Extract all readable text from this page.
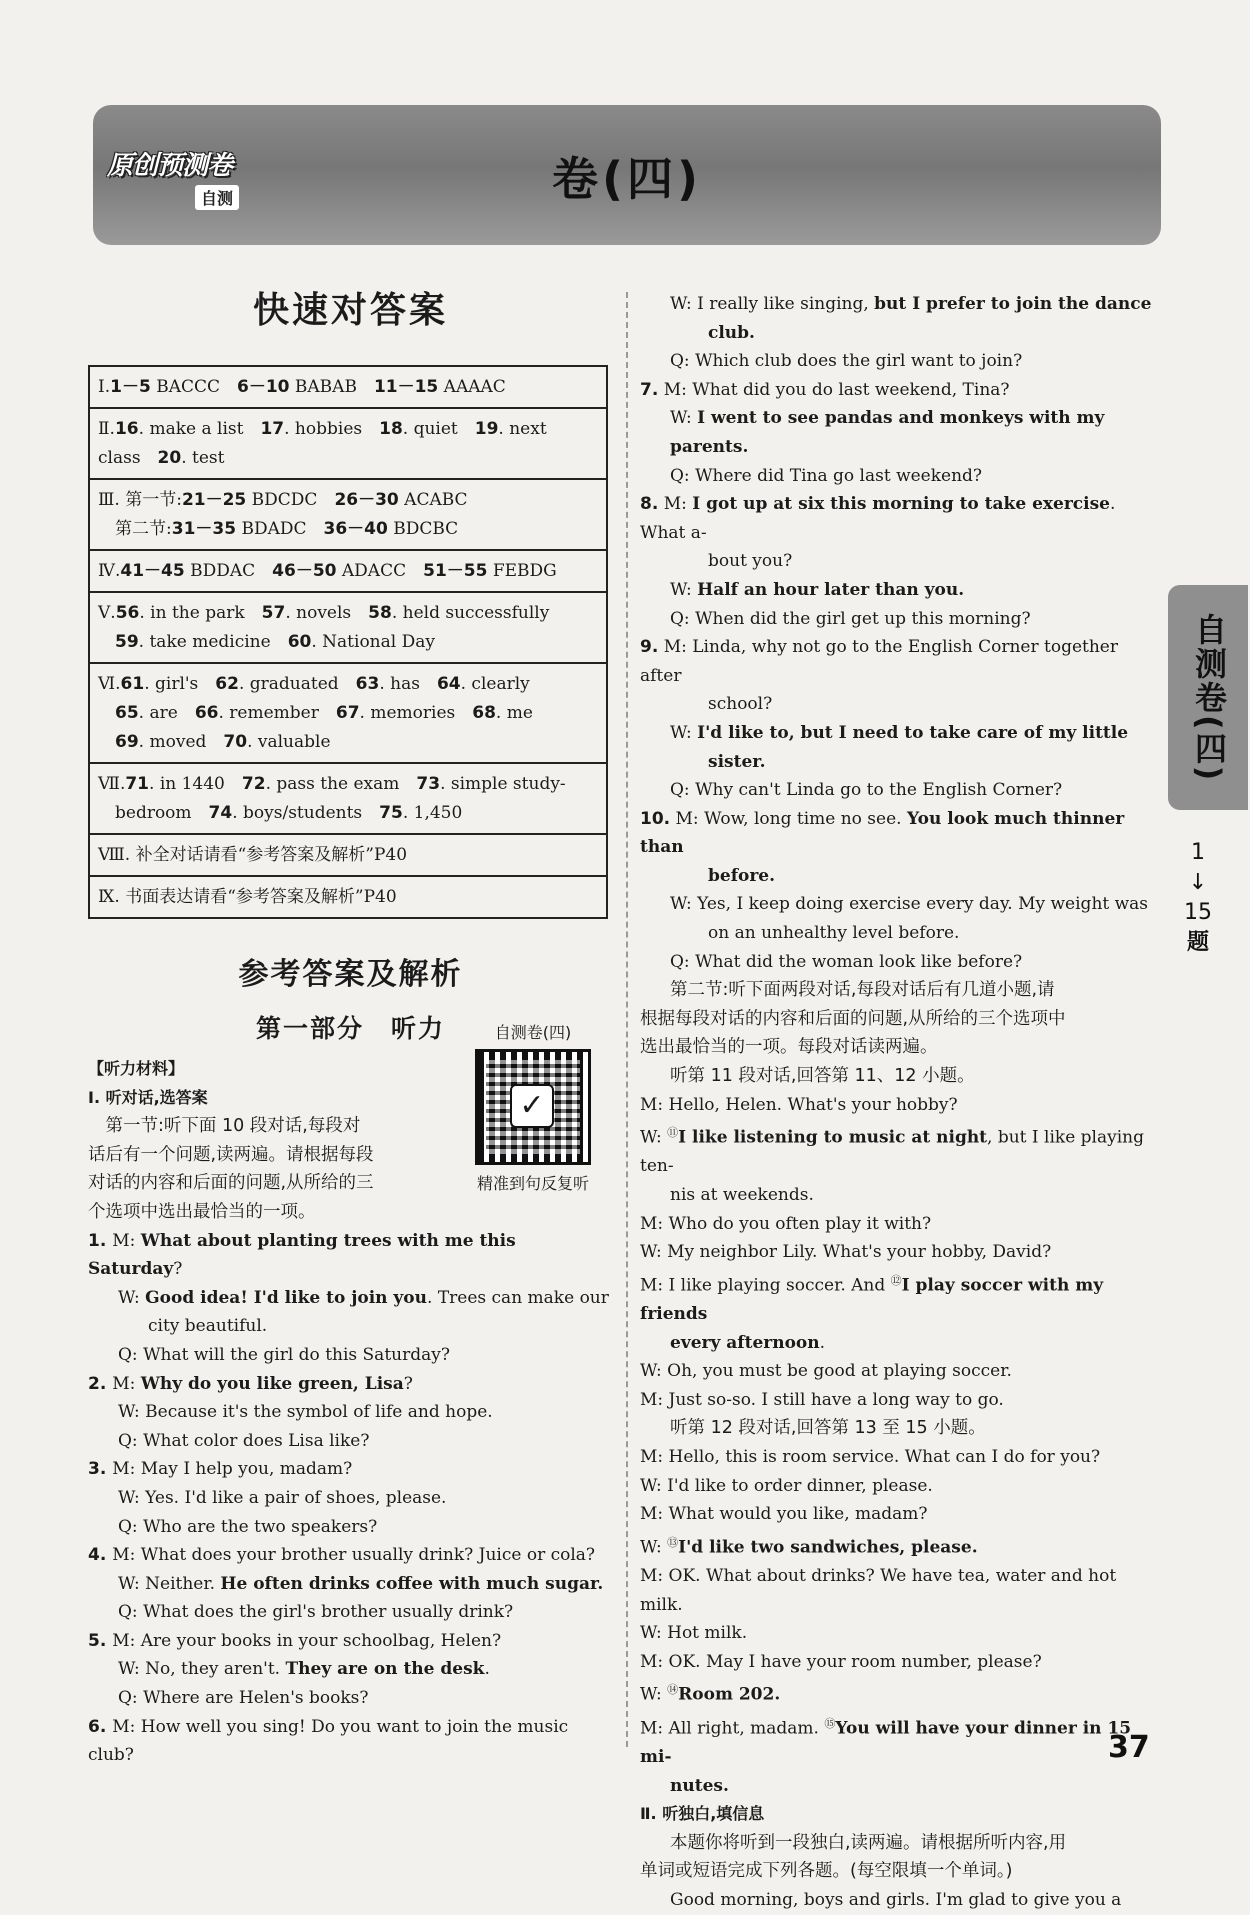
原创预测卷
自测	卷(四)
快速对答案
Ⅰ.1－5 BACCC　6－10 BABAB　11－15 AAAAC

Ⅱ.16. make a list　17. hobbies　18. quiet　19. next
class　20. test

Ⅲ. 第一节:21－25 BDCDC　26－30 ACABC
　第二节:31－35 BDADC　36－40 BDCBC

Ⅳ.41－45 BDDAC　46－50 ADACC　51－55 FEBDG

Ⅴ.56. in the park　57. novels　58. held successfully
　59. take medicine　60. National Day

Ⅵ.61. girl's　62. graduated　63. has　64. clearly
　65. are　66. remember　67. memories　68. me
　69. moved　70. valuable

Ⅶ.71. in 1440　72. pass the exam　73. simple study-
　bedroom　74. boys/students　75. 1,450

Ⅷ. 补全对话请看“参考答案及解析”P40

Ⅸ. 书面表达请看“参考答案及解析”P40
参考答案及解析
第一部分　听力

【听力材料】

Ⅰ. 听对话,选答案

　第一节:听下面 10 段对话,每段对

话后有一个问题,读两遍。请根据每段

对话的内容和后面的问题,从所给的三

个选项中选出最恰当的一项。

1. M: What about planting trees with me this Saturday?

W: Good idea! I'd like to join you. Trees can make our

city beautiful.

Q: What will the girl do this Saturday?

2. M: Why do you like green, Lisa?

W: Because it's the symbol of life and hope.

Q: What color does Lisa like?

3. M: May I help you, madam?

W: Yes. I'd like a pair of shoes, please.

Q: Who are the two speakers?

4. M: What does your brother usually drink? Juice or cola?

W: Neither. He often drinks coffee with much sugar.

Q: What does the girl's brother usually drink?

5. M: Are your books in your schoolbag, Helen?

W: No, they aren't. They are on the desk.

Q: Where are Helen's books?

6. M: How well you sing! Do you want to join the music club?

自测卷(四)
✓
精准到句反复听

W: I really like singing, but I prefer to join the dance

club.

Q: Which club does the girl want to join?

7. M: What did you do last weekend, Tina?

W: I went to see pandas and monkeys with my parents.

Q: Where did Tina go last weekend?

8. M: I got up at six this morning to take exercise. What a-

bout you?

W: Half an hour later than you.

Q: When did the girl get up this morning?

9. M: Linda, why not go to the English Corner together after

school?

W: I'd like to, but I need to take care of my little

sister.

Q: Why can't Linda go to the English Corner?

10. M: Wow, long time no see. You look much thinner than

before.

W: Yes, I keep doing exercise every day. My weight was

on an unhealthy level before.

Q: What did the woman look like before?

第二节:听下面两段对话,每段对话后有几道小题,请

根据每段对话的内容和后面的问题,从所给的三个选项中

选出最恰当的一项。每段对话读两遍。

听第 11 段对话,回答第 11、12 小题。

M: Hello, Helen. What's your hobby?

W: ⑪I like listening to music at night, but I like playing ten-

nis at weekends.

M: Who do you often play it with?

W: My neighbor Lily. What's your hobby, David?

M: I like playing soccer. And ⑫I play soccer with my friends

every afternoon.

W: Oh, you must be good at playing soccer.

M: Just so-so. I still have a long way to go.

听第 12 段对话,回答第 13 至 15 小题。

M: Hello, this is room service. What can I do for you?

W: I'd like to order dinner, please.

M: What would you like, madam?

W: ⑬I'd like two sandwiches, please.

M: OK. What about drinks? We have tea, water and hot milk.

W: Hot milk.

M: OK. May I have your room number, please?

W: ⑭Room 202.

M: All right, madam. ⑮You will have your dinner in 15 mi-

nutes.

Ⅱ. 听独白,填信息

本题你将听到一段独白,读两遍。请根据所听内容,用

单词或短语完成下列各题。(每空限填一个单词。)

Good morning, boys and girls. I'm glad to give you a

自测卷(四)
1
↓
15
题
37
